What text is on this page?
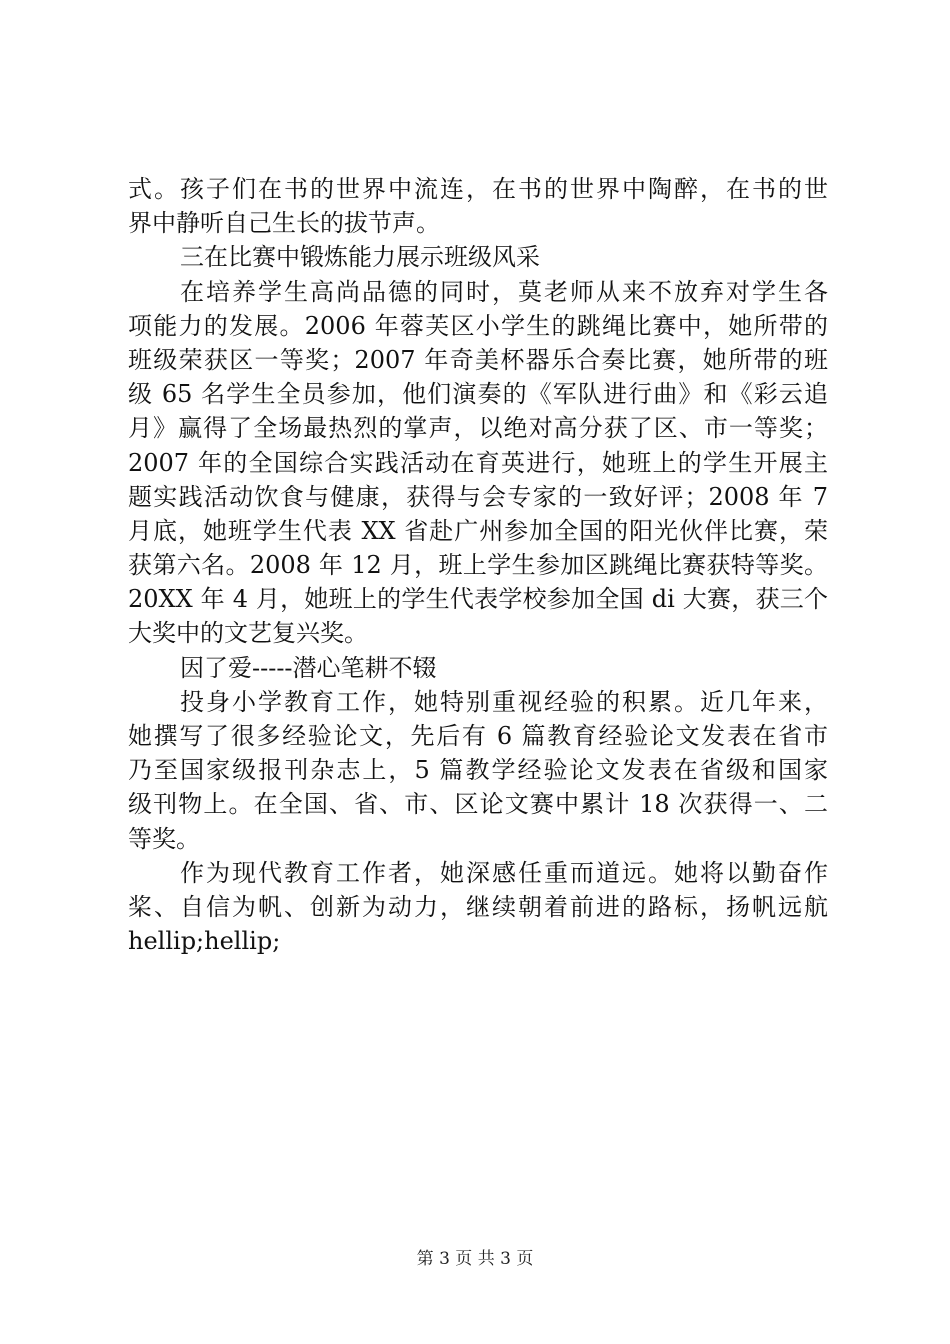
式。孩子们在书的世界中流连，在书的世界中陶醉，在书的世
界中静听自己生长的拔节声。
三在比赛中锻炼能力展示班级风采
在培养学生高尚品德的同时，莫老师从来不放弃对学生各
项能力的发展。2006 年蓉芙区小学生的跳绳比赛中，她所带的
班级荣获区一等奖；2007 年奇美杯器乐合奏比赛，她所带的班
级 65 名学生全员参加，他们演奏的《军队进行曲》和《彩云追
月》赢得了全场最热烈的掌声，以绝对高分获了区、市一等奖；
2007 年的全国综合实践活动在育英进行，她班上的学生开展主
题实践活动饮食与健康，获得与会专家的一致好评；2008 年 7
月底，她班学生代表 XX 省赴广州参加全国的阳光伙伴比赛，荣
获第六名。2008 年 12 月，班上学生参加区跳绳比赛获特等奖。
20XX 年 4 月，她班上的学生代表学校参加全国 di 大赛，获三个
大奖中的文艺复兴奖。
因了爱-----潜心笔耕不辍
投身小学教育工作，她特别重视经验的积累。近几年来，
她撰写了很多经验论文，先后有 6 篇教育经验论文发表在省市
乃至国家级报刊杂志上，5 篇教学经验论文发表在省级和国家
级刊物上。在全国、省、市、区论文赛中累计 18 次获得一、二
等奖。
作为现代教育工作者，她深感任重而道远。她将以勤奋作
桨、自信为帆、创新为动力，继续朝着前进的路标，扬帆远航
hellip;hellip;
第 3 页 共 3 页
